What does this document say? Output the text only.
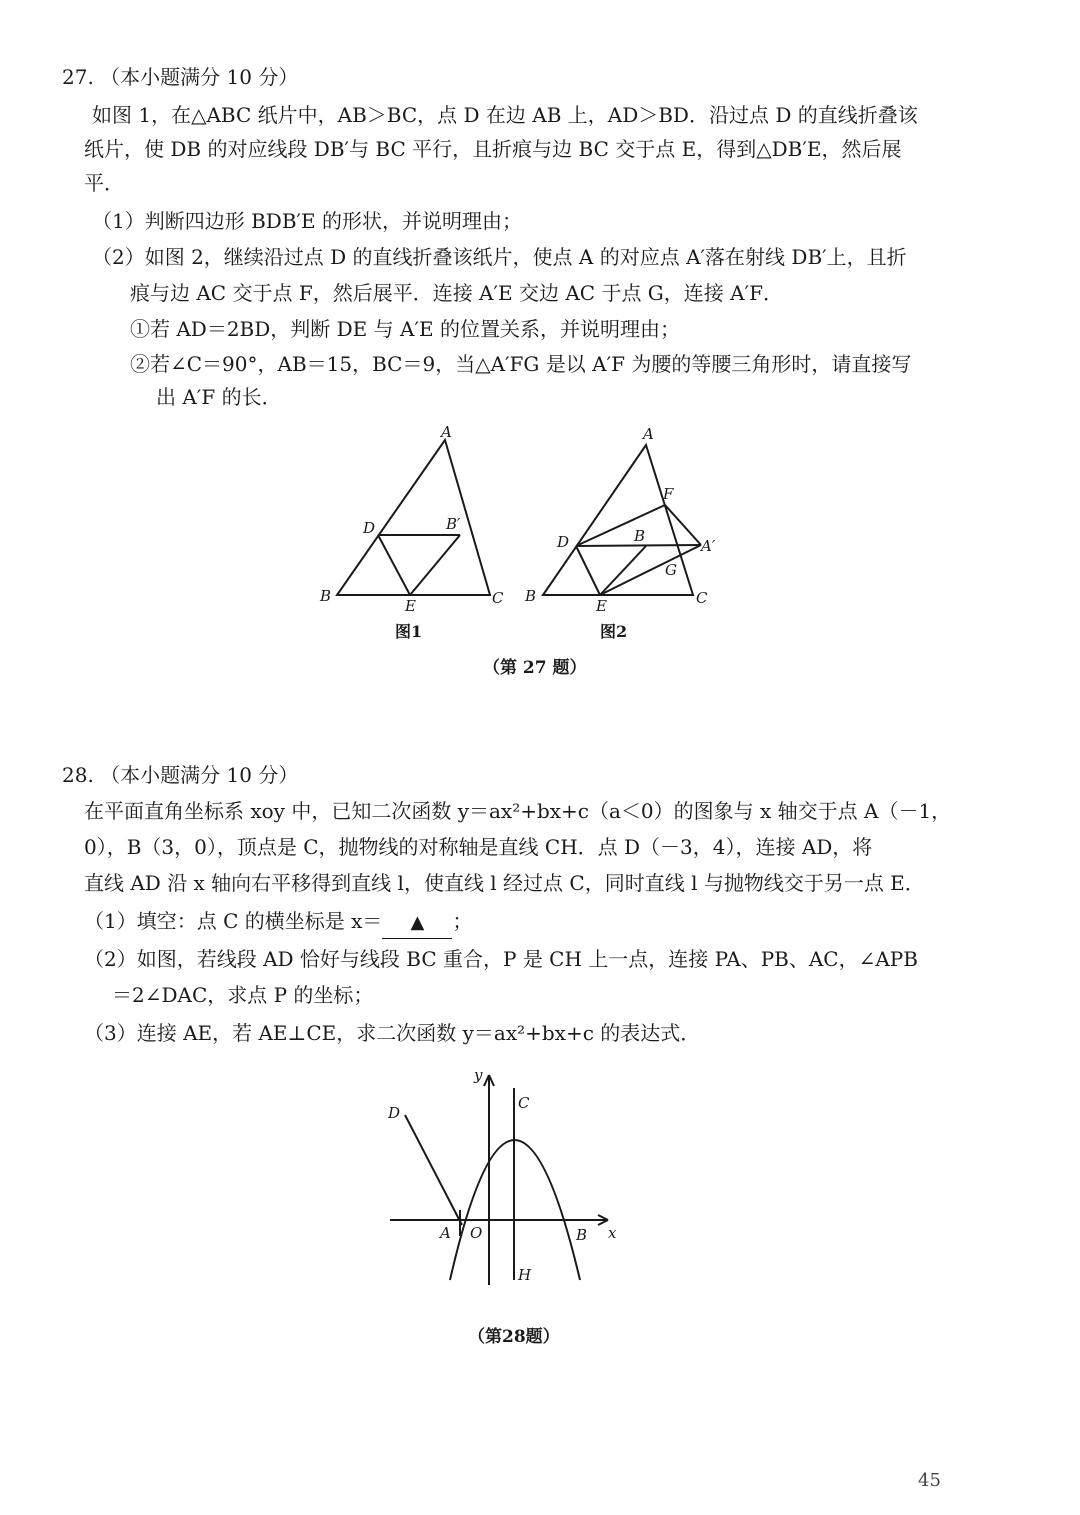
27. （本小题满分 10 分）
如图 1，在△ABC 纸片中，AB＞BC，点 D 在边 AB 上，AD＞BD．沿过点 D 的直线折叠该
纸片，使 DB 的对应线段 DB′与 BC 平行，且折痕与边 BC 交于点 E，得到△DB′E，然后展
平．
（1）判断四边形 BDB′E 的形状，并说明理由；
（2）如图 2，继续沿过点 D 的直线折叠该纸片，使点 A 的对应点 A′落在射线 DB′上，且折
痕与边 AC 交于点 F，然后展平．连接 A′E 交边 AC 于点 G，连接 A′F．
①若 AD＝2BD，判断 DE 与 A′E 的位置关系，并说明理由；
②若∠C＝90°，AB＝15，BC＝9，当△A′FG 是以 A′F 为腰的等腰三角形时，请直接写
出 A′F 的长．
A
B	C
D
E
B′
图1
A
B	C
D
E
F
G
A′
B
图2
（第 27 题）
28. （本小题满分 10 分）
在平面直角坐标系 xoy 中，已知二次函数 y＝ax²+bx+c（a＜0）的图象与 x 轴交于点 A（－1，
0），B（3，0），顶点是 C，抛物线的对称轴是直线 CH．点 D（－3，4），连接 AD，将
直线 AD 沿 x 轴向右平移得到直线 l，使直线 l 经过点 C，同时直线 l 与抛物线交于另一点 E．
（1）填空：点 C 的横坐标是 x＝ ▲ ；
（2）如图，若线段 AD 恰好与线段 BC 重合，P 是 CH 上一点，连接 PA、PB、AC，∠APB
＝2∠DAC，求点 P 的坐标；
（3）连接 AE，若 AE⊥CE，求二次函数 y＝ax²+bx+c 的表达式．
y
x
C
D
A O	B
H
（第28题）
45
